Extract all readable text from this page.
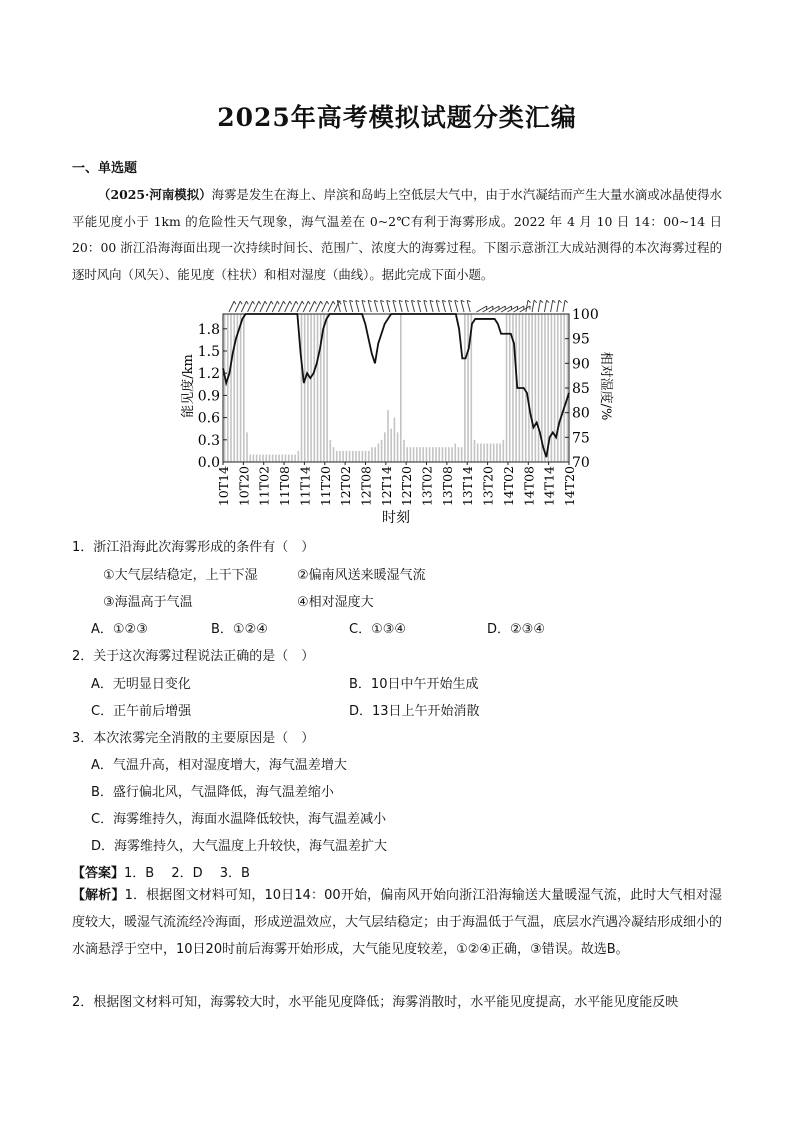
2025年高考模拟试题分类汇编
一、单选题
（2025·河南模拟）海雾是发生在海上、岸滨和岛屿上空低层大气中，由于水汽凝结而产生大量水滴或冰晶使得水平能见度小于 1km 的危险性天气现象，海气温差在 0~2℃有利于海雾形成。2022 年 4 月 10 日 14：00~14 日 20：00 浙江沿海海面出现一次持续时间长、范围广、浓度大的海雾过程。下图示意浙江大成站测得的本次海雾过程的逐时风向（风矢）、能见度（柱状）和相对湿度（曲线）。据此完成下面小题。
0.0
0.3
0.6
0.9
1.2
1.5
1.8
70
75
80
85
90
95
100
10T14 10T20 11T02 11T08 11T14 11T20 12T02 12T08 12T14 12T20 13T02 13T08 13T14 13T20 14T02 14T08 14T14 14T20
能见度/km	相对湿度/%
时刻
1．浙江沿海此次海雾形成的条件有（　）
①大气层结稳定，上干下湿	②偏南风送来暖湿气流
③海温高于气温	④相对湿度大
A．①②③	B．①②④	C．①③④	D．②③④
2．关于这次海雾过程说法正确的是（　）
A．无明显日变化	B．10日中午开始生成
C．正午前后增强	D．13日上午开始消散
3．本次浓雾完全消散的主要原因是（　）
A．气温升高，相对湿度增大，海气温差增大
B．盛行偏北风，气温降低，海气温差缩小
C．海雾维持久，海面水温降低较快，海气温差减小
D．海雾维持久，大气温度上升较快，海气温差扩大
【答案】1．B　 2．D　 3．B
【解析】1．根据图文材料可知，10日14：00开始，偏南风开始向浙江沿海输送大量暖湿气流，此时大气相对湿度较大，暖湿气流流经冷海面，形成逆温效应，大气层结稳定；由于海温低于气温，底层水汽遇冷凝结形成细小的水滴悬浮于空中，10日20时前后海雾开始形成，大气能见度较差，①②④正确，③错误。故选B。
2．根据图文材料可知，海雾较大时，水平能见度降低；海雾消散时，水平能见度提高，水平能见度能反映
